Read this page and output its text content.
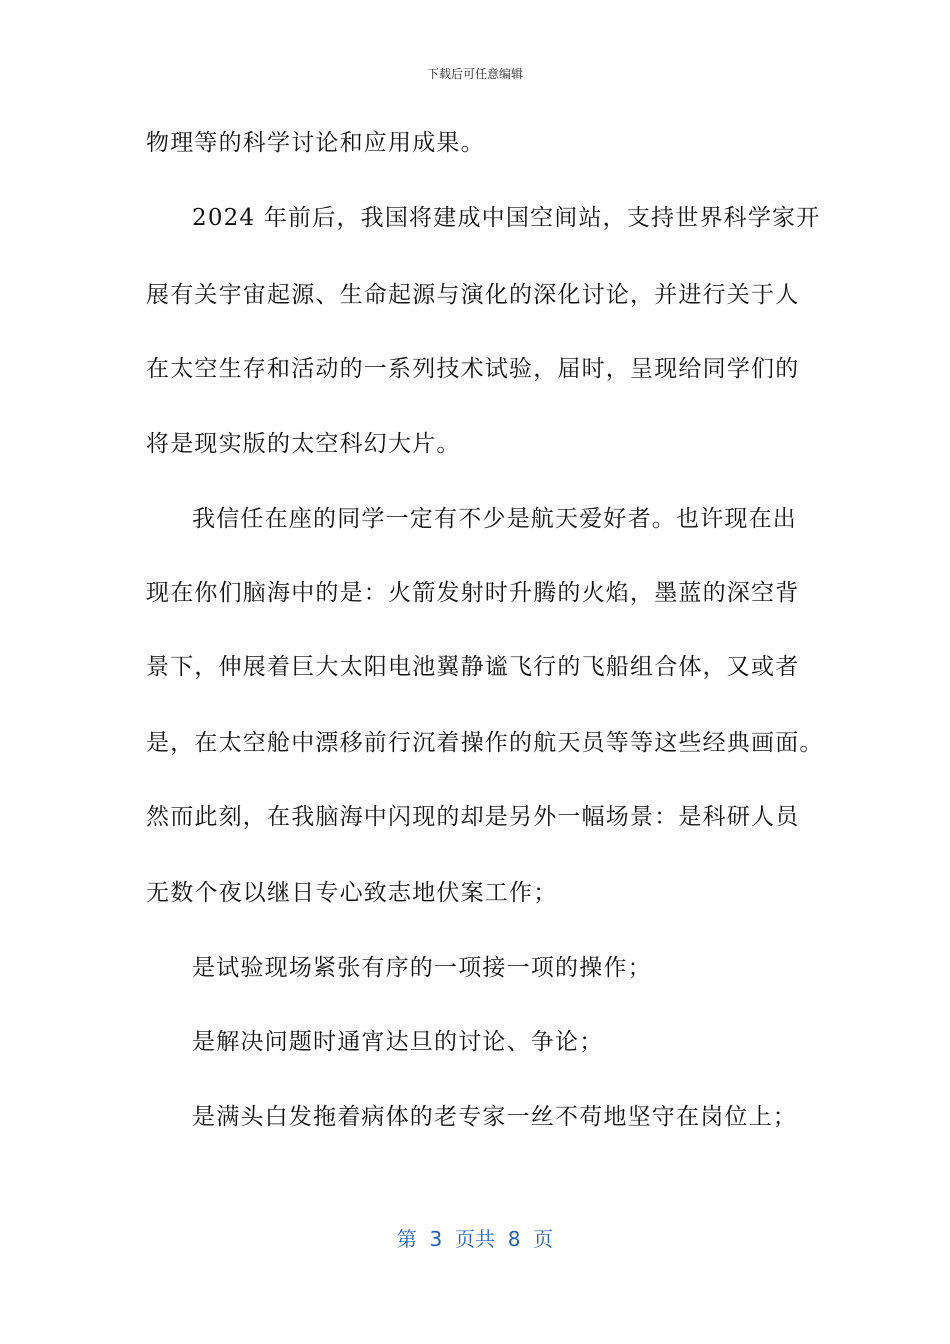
下载后可任意编辑
物理等的科学讨论和应用成果。
2024 年前后，我国将建成中国空间站，支持世界科学家开
展有关宇宙起源、生命起源与演化的深化讨论，并进行关于人
在太空生存和活动的一系列技术试验，届时，呈现给同学们的
将是现实版的太空科幻大片。
我信任在座的同学一定有不少是航天爱好者。也许现在出
现在你们脑海中的是：火箭发射时升腾的火焰，墨蓝的深空背
景下，伸展着巨大太阳电池翼静谧飞行的飞船组合体，又或者
是，在太空舱中漂移前行沉着操作的航天员等等这些经典画面。
然而此刻，在我脑海中闪现的却是另外一幅场景：是科研人员
无数个夜以继日专心致志地伏案工作；
是试验现场紧张有序的一项接一项的操作；
是解决问题时通宵达旦的讨论、争论；
是满头白发拖着病体的老专家一丝不苟地坚守在岗位上；
第  3  页共  8  页
